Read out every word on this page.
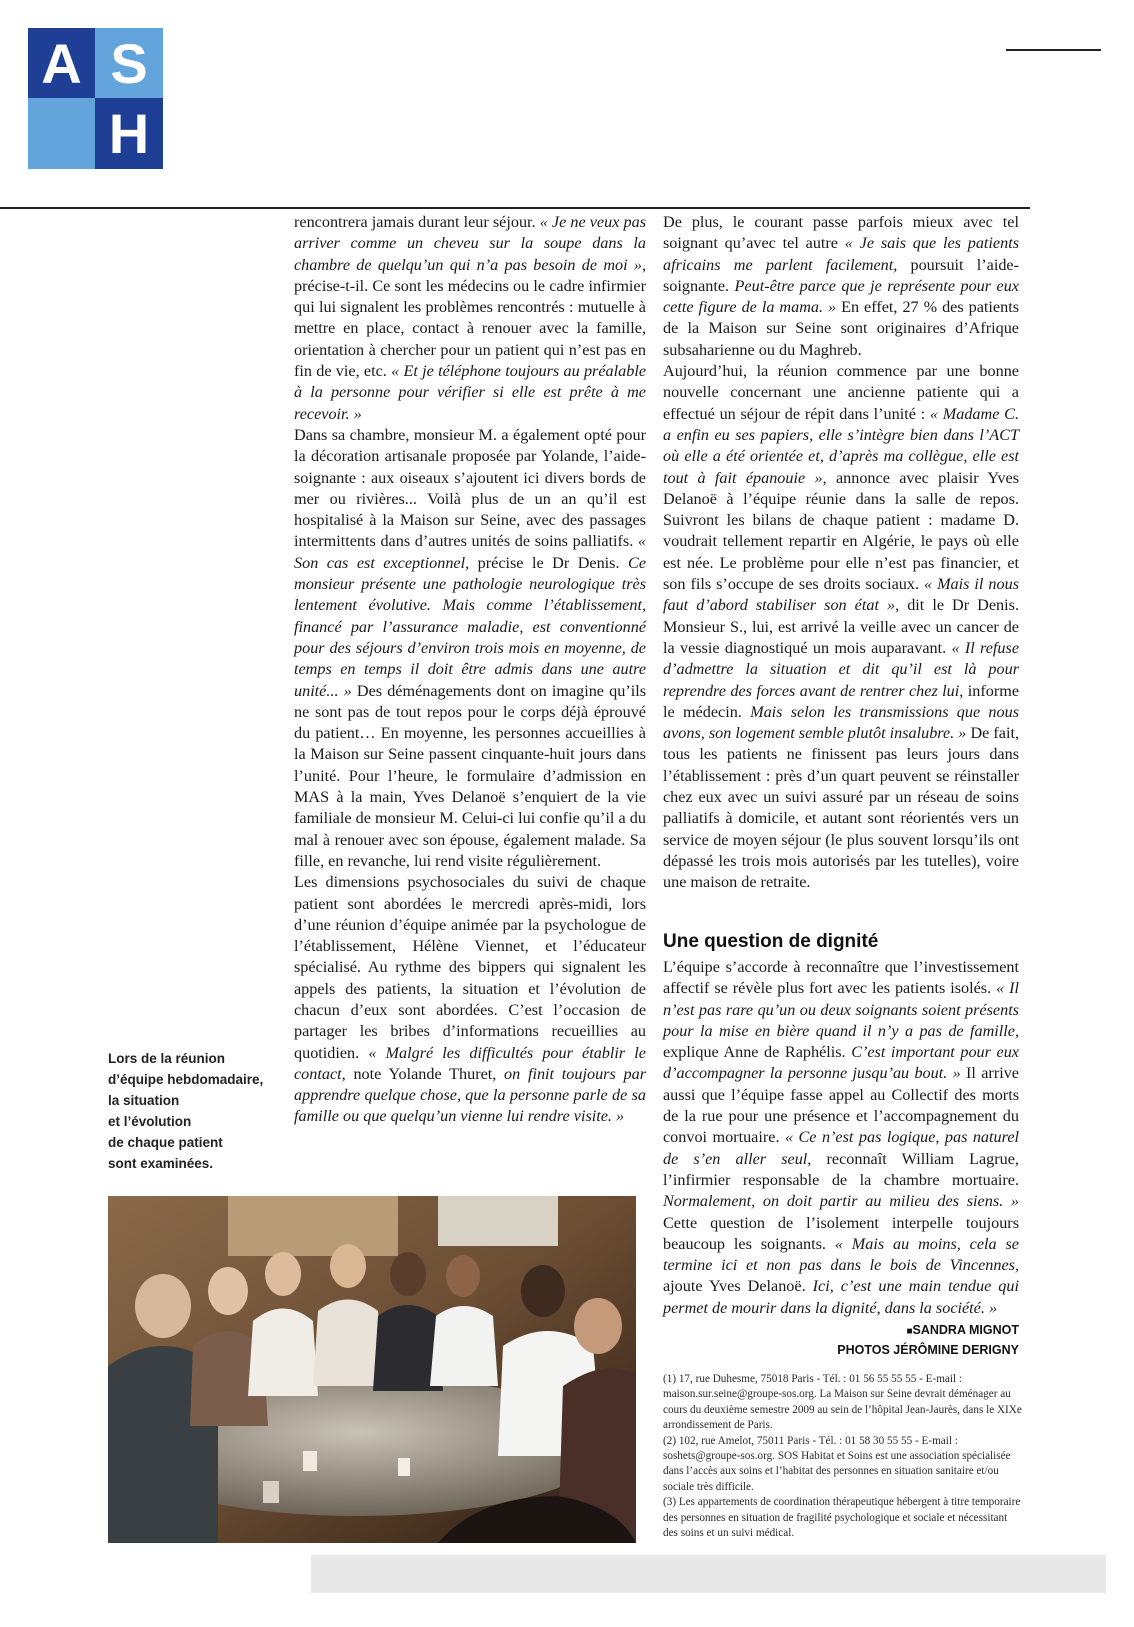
A S
H

rencontrera jamais durant leur séjour. « Je ne veux pas arriver comme un cheveu sur la soupe dans la chambre de quelqu’un qui n’a pas besoin de moi », précise-t-il. Ce sont les médecins ou le cadre infirmier qui lui signalent les problèmes rencontrés : mutuelle à mettre en place, contact à renouer avec la famille, orientation à chercher pour un patient qui n’est pas en fin de vie, etc. « Et je téléphone toujours au préalable à la personne pour vérifier si elle est prête à me recevoir. »

Dans sa chambre, monsieur M. a également opté pour la décoration artisanale proposée par Yolande, l’aide-soignante : aux oiseaux s’ajoutent ici divers bords de mer ou rivières... Voilà plus de un an qu’il est hospitalisé à la Maison sur Seine, avec des passages intermittents dans d’autres unités de soins palliatifs. « Son cas est exceptionnel, précise le Dr Denis. Ce monsieur présente une pathologie neurologique très lentement évolutive. Mais comme l’établissement, financé par l’assurance maladie, est conventionné pour des séjours d’environ trois mois en moyenne, de temps en temps il doit être admis dans une autre unité... » Des déménagements dont on imagine qu’ils ne sont pas de tout repos pour le corps déjà éprouvé du patient… En moyenne, les personnes accueillies à la Maison sur Seine passent cinquante-huit jours dans l’unité. Pour l’heure, le formulaire d’admission en MAS à la main, Yves Delanoë s’enquiert de la vie familiale de monsieur M. Celui-ci lui confie qu’il a du mal à renouer avec son épouse, également malade. Sa fille, en revanche, lui rend visite régulièrement.

Les dimensions psychosociales du suivi de chaque patient sont abordées le mercredi après-midi, lors d’une réunion d’équipe animée par la psychologue de l’établissement, Hélène Viennet, et l’éducateur spécialisé. Au rythme des bippers qui signalent les appels des patients, la situation et l’évolution de chacun d’eux sont abordées. C’est l’occasion de partager les bribes d’informations recueillies au quotidien. « Malgré les difficultés pour établir le contact, note Yolande Thuret, on finit toujours par apprendre quelque chose, que la personne parle de sa famille ou que quelqu’un vienne lui rendre visite. »

De plus, le courant passe parfois mieux avec tel soignant qu’avec tel autre « Je sais que les patients africains me parlent facilement, poursuit l’aide-soignante. Peut-être parce que je représente pour eux cette figure de la mama. » En effet, 27 % des patients de la Maison sur Seine sont originaires d’Afrique subsaharienne ou du Maghreb.

Aujourd’hui, la réunion commence par une bonne nouvelle concernant une ancienne patiente qui a effectué un séjour de répit dans l’unité : « Madame C. a enfin eu ses papiers, elle s’intègre bien dans l’ACT où elle a été orientée et, d’après ma collègue, elle est tout à fait épanouie », annonce avec plaisir Yves Delanoë à l’équipe réunie dans la salle de repos. Suivront les bilans de chaque patient : madame D. voudrait tellement repartir en Algérie, le pays où elle est née. Le problème pour elle n’est pas financier, et son fils s’occupe de ses droits sociaux. « Mais il nous faut d’abord stabiliser son état », dit le Dr Denis. Monsieur S., lui, est arrivé la veille avec un cancer de la vessie diagnostiqué un mois auparavant. « Il refuse d’admettre la situation et dit qu’il est là pour reprendre des forces avant de rentrer chez lui, informe le médecin. Mais selon les transmissions que nous avons, son logement semble plutôt insalubre. » De fait, tous les patients ne finissent pas leurs jours dans l’établissement : près d’un quart peuvent se réinstaller chez eux avec un suivi assuré par un réseau de soins palliatifs à domicile, et autant sont réorientés vers un service de moyen séjour (le plus souvent lorsqu’ils ont dépassé les trois mois autorisés par les tutelles), voire une maison de retraite.

Une question de dignité

L’équipe s’accorde à reconnaître que l’investissement affectif se révèle plus fort avec les patients isolés. « Il n’est pas rare qu’un ou deux soignants soient présents pour la mise en bière quand il n’y a pas de famille, explique Anne de Raphélis. C’est important pour eux d’accompagner la personne jusqu’au bout. » Il arrive aussi que l’équipe fasse appel au Collectif des morts de la rue pour une présence et l’accompagnement du convoi mortuaire. « Ce n’est pas logique, pas naturel de s’en aller seul, reconnaît William Lagrue, l’infirmier responsable de la chambre mortuaire. Normalement, on doit partir au milieu des siens. » Cette question de l’isolement interpelle toujours beaucoup les soignants. « Mais au moins, cela se termine ici et non pas dans le bois de Vincennes, ajoute Yves Delanoë. Ici, c’est une main tendue qui permet de mourir dans la dignité, dans la société. »

Lors de la réunion
d’équipe hebdomadaire,
la situation
et l’évolution
de chaque patient
sont examinées.
■ SANDRA MIGNOT
PHOTOS JÉRÔMINE DERIGNY

(1) 17, rue Duhesme, 75018 Paris - Tél. : 01 56 55 55 55 - E-mail : maison.sur.seine@groupe-sos.org. La Maison sur Seine devrait déménager au cours du deuxième semestre 2009 au sein de l’hôpital Jean-Jaurès, dans le XIXe arrondissement de Paris.

(2) 102, rue Amelot, 75011 Paris - Tél. : 01 58 30 55 55 - E-mail : soshets@groupe-sos.org. SOS Habitat et Soins est une association spécialisée dans l’accès aux soins et l’habitat des personnes en situation sanitaire et/ou sociale très difficile.

(3) Les appartements de coordination thérapeutique hébergent à titre temporaire des personnes en situation de fragilité psychologique et sociale et nécessitant des soins et un suivi médical.
